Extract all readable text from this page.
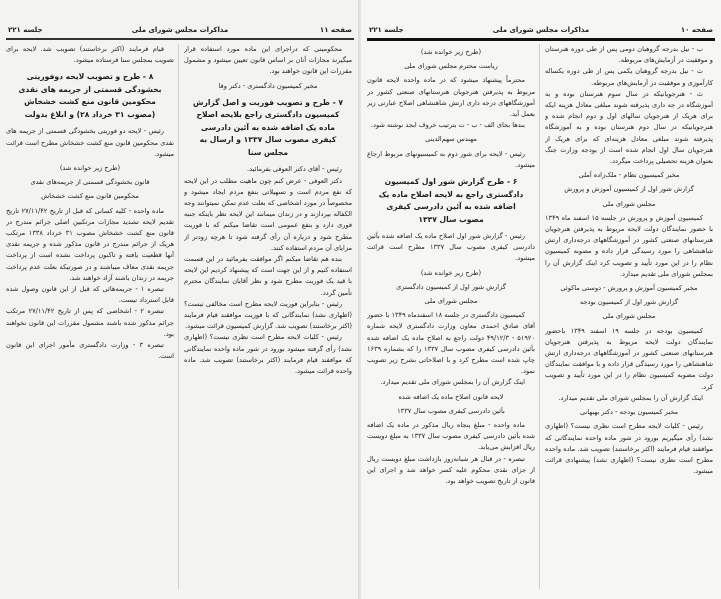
صفحه ۱۱
مذاکرات مجلس شورای ملی
جلسه ۲۲۱

محکومینی که دراجرای این ماده مورد استفاده قرار میگیرند مجازات آنان بر اساس قانون تعیین میشود و مشمول مقررات این قانون خواهند بود.

مخبر کمیسیون دادگستری - دکتر وفا

۷ - طرح و تصویب فوریت و اصل گزارش کمیسیون دادگستری راجع بلایحه اصلاح ماده یک اضافه شده به آئین دادرسی کیفری مصوب سال ۱۳۳۷ و ارسال به مجلس سنا

رئیس - آقای دکتر العوفی بفرمائید.

دکتر العوفی - عرض کنم چون ماهیت مطلب در این لایحه که نفع مردم است و تسهیلاتی بنفع مردم ایجاد میشود و مخصوصاً در مورد اشخاصی که بعلت عدم تمکن نمیتوانند وجه الکفاله بپردازند و در زندان میمانند این لایحه نظر باینکه جنبه فوری دارد و بنفع عمومی است تقاضا میکنم که با فوریت مطرح شود و درباره آن رأی گرفته شود تا هرچه زودتر از مزایای آن مردم استفاده کنند.

بنده هم تقاضا میکنم اگر موافقت بفرمائید در این قسمت استفاده کنیم و از این جهت است که پیشنهاد کردیم این لایحه با قید یک فوریت مطرح شود و نظر آقایان نمایندگان محترم تأمین گردد.

رئیس - بنابراین فوریت لایحه مطرح است مخالفی نیست؟ (اظهاری نشد) نمایندگانی که با فوریت موافقند قیام فرمایند (اکثر برخاستند) تصویب شد. گزارش کمیسیون قرائت میشود.

رئیس - کلیات لایحه مطرح است نظری نیست؟ (اظهاری نشد) رأی گرفته میشود بورود در شور ماده واحده نمایندگانی که موافقند قیام فرمایند (اکثر برخاستند) تصویب شد. ماده واحده قرائت میشود.

قیام فرمایند (اکثر برخاستند) تصویب شد. لایحه برای تصویب بمجلس سنا فرستاده میشود.

۸ - طرح و تصویب لایحه دوفوریتی بخشودگی قسمتی از جریمه های نقدی محکومین قانون منع کشت خشخاش (مصوب ۳۱ خرداد ۲۸) و ابلاغ بدولت

رئیس - لایحه دو فوریتی بخشودگی قسمتی از جریمه های نقدی محکومین قانون منع کشت خشخاش مطرح است قرائت میشود.

(طرح زیر خوانده شد)

قانون بخشودگی قسمتی از جریمه‌های نقدی

محکومین قانون منع کشت خشخاش

ماده واحده - کلیه کسانی که قبل از تاریخ ۲۷/۱۱/۴۲ تاریخ تقدیم لایحه تشدید مجازات مرتکبین اصلی جرائم مندرج در قانون منع کشت خشخاش مصوب ۳۱ خرداد ۱۳۳۸ مرتکب هریک از جرائم مندرج در قانون مذکور شده و جریمه نقدی آنها قطعیت یافته و تاکنون پرداخت نشده است از پرداخت جریمه نقدی معاف میباشند و در صورتیکه بعلت عدم پرداخت جریمه در زندان باشند آزاد خواهند شد.

تبصره ۱ - جریمه‌هائی که قبل از این قانون وصول شده قابل استرداد نیست.

تبصره ۲ - اشخاصی که پس از تاریخ ۲۷/۱۱/۴۲ مرتکب جرائم مذکور شده باشند مشمول مقررات این قانون نخواهند بود.

تبصره ۳ - وزارت دادگستری مأمور اجرای این قانون است.

صفحه ۱۰
مذاکرات مجلس شورای ملی
جلسه ۲۲۱

ب - نیل بدرجه گروهبان دومی پس از طی دوره هنرستان و موفقیت در آزمایش‌های مربوطه.

ت - نیل بدرجه گروهبان یکمی پس از طی دوره یکساله کارآموزی و موفقیت در آزمایش‌های مربوطه.

ث - هنرجویانیکه در سال سوم هنرستان بوده و به آموزشگاه در جه داری پذیرفته شوند مبلغی معادل هزینه ایکه برای هریک از هنرجویان سالهای اول و دوم انجام شده و هنرجویانیکه در سال دوم هنرستان بوده و به آموزشگاه پذیرفته شوند مبلغی معادل هزینه‌ای که برای هریک از هنرجویان سال اول انجام شده است از بودجه وزارت جنگ بعنوان هزینه تحصیلی پرداخت میگردد.

مخبر کمیسیون نظام - ملک‌زاده آملی

گزارش شور اول از کمیسیون آموزش و پرورش

مجلس شورای ملی

کمیسیون آموزش و پرورش در جلسه ۱۵ اسفند ماه ۱۳۴۹ با حضور نمایندگان دولت لایحه مربوط به پذیرفتن هنرجویان هنرستانهای صنعتی کشور در آموزشگاههای درجه‌داری ارتش شاهنشاهی را مورد رسیدگی قرار داده و مصوبه کمیسیون نظام را در این مورد تأیید و تصویب کرد اینک گزارش آن را بمجلس شورای ملی تقدیم میدارد.

مخبر کمیسیون آموزش و پرورش - دوستی ماکوئی

گزارش شور اول از کمیسیون بودجه

مجلس شورای ملی

کمیسیون بودجه در جلسه ۱۹ اسفند ۱۳۴۹ باحضور نمایندگان دولت لایحه مربوط به پذیرفتن هنرجویان هنرستانهای صنعتی کشور در آموزشگاههای درجه‌داری ارتش شاهنشاهی را مورد رسیدگی قرار داده و با موافقت نمایندگان دولت مصوبه کمیسیون نظام را در این مورد تأیید و تصویب کرد.

اینک گزارش آن را بمجلس شورای ملی تقدیم میدارد.

مخبر کمیسیون بودجه - دکتر بهبهانی

رئیس - کلیات لایحه مطرح است نظری نیست؟ (اظهاری نشد) رأی میگیریم بورود در شور ماده واحده نمایندگانی که موافقند قیام فرمایند (اکثر برخاستند) تصویب شد. ماده واحده مطرح است نظری نیست؟ (اظهاری نشد) پیشنهادی قرائت میشود.

(طرح زیر خوانده شد)

ریاست محترم مجلس شورای ملی

محترماً پیشنهاد میشود که در ماده واحده لایحه قانون مربوط به پذیرفتن هنرجویان هنرستانهای صنعتی کشور در آموزشگاههای درجه داری ارتش شاهنشاهی اصلاح عبارتی زیر بعمل آید.

بندها بجای الف - ب - ت بترتیب حروف ابجد نوشته شود.

مهندس سهم‌الدینی

رئیس - لایحه برای شور دوم به کمیسیونهای مربوط ارجاع میشود.

۶ - طرح گزارش شور اول کمیسیون دادگستری راجع به لایحه اصلاح ماده یک اضافه شده به آئین دادرسی کیفری مصوب سال ۱۳۳۷

رئیس - گزارش شور اول اصلاح ماده یک اضافه شده بآئین دادرسی کیفری مصوب سال ۱۳۳۷ مطرح است قرائت میشود.

(طرح زیر خوانده شد)

گزارش شور اول از کمیسیون دادگستری

مجلس شورای ملی

کمیسیون دادگستری در جلسه ۱۸ اسفندماه ۱۳۴۹ با حضور آقای صادق احمدی معاون وزارت دادگستری لایحه شماره ۵۱۹۲۰ - ۴۹/۱۲/۳ دولت راجع به اصلاح ماده یک اضافه شده بآئین دادرسی کیفری مصوب سال ۱۳۳۷ را که بشماره ۱۶۳۹ چاپ شده است مطرح کرد و با اصلاحاتی بشرح زیر تصویب نمود.

اینک گزارش آن را بمجلس شورای ملی تقدیم میدارد.

لایحه قانون اصلاح ماده یک اضافه شده

بآئین دادرسی کیفری مصوب سال ۱۳۳۷

ماده واحده - مبلغ پنجاه ریال مذکور در ماده یک اضافه شده بآئین دادرسی کیفری مصوب سال ۱۳۳۷ به مبلغ دویست ریال افزایش می‌یابد.

تبصره - در قبال هر شبانه‌روز بازداشت مبلغ دویست ریال از جزای نقدی محکوم علیه کسر خواهد شد و اجرای این قانون از تاریخ تصویب خواهد بود.
